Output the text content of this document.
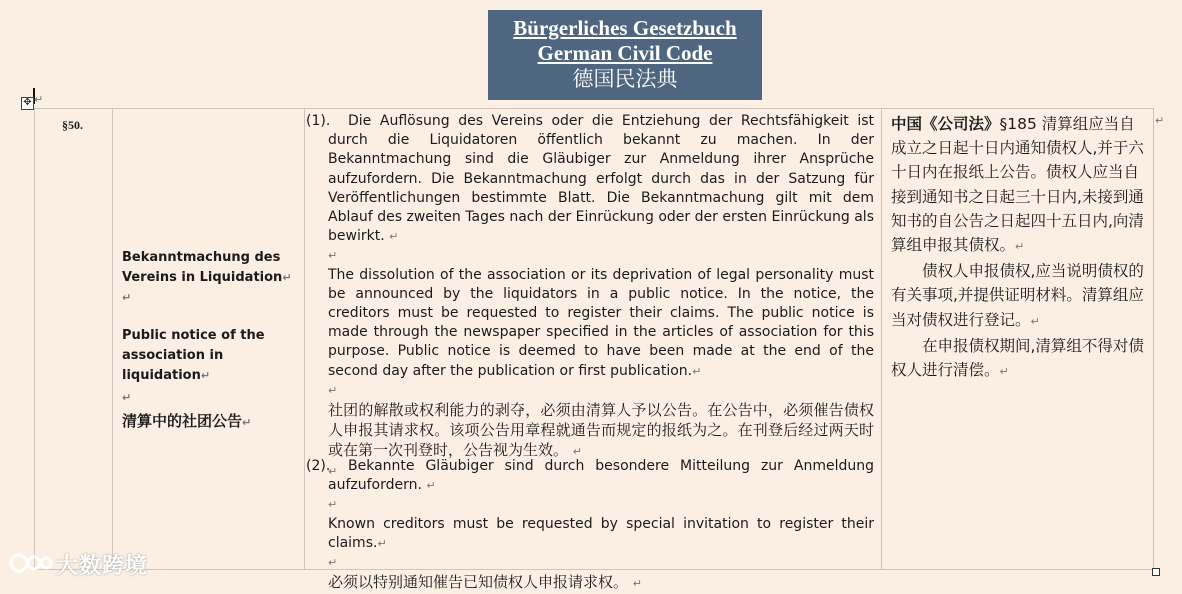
Bürgerliches Gesetzbuch
German Civil Code
德国民法典
✥ ↵
§50.
Bekanntmachung des Vereins in Liquidation↵
↵
Public notice of the association in liquidation↵
↵
清算中的社团公告↵
(1).	Die Auflösung des Vereins oder die Entziehung der Rechtsfähigkeit ist durch die Liquidatoren öffentlich bekannt zu machen. In der Bekanntmachung sind die Gläubiger zur Anmeldung ihrer Ansprüche aufzufordern. Die Bekanntmachung erfolgt durch das in der Satzung für Veröffentlichungen bestimmte Blatt. Die Bekanntmachung gilt mit dem Ablauf des zweiten Tages nach der Einrückung oder der ersten Einrückung als bewirkt. ↵

↵

The dissolution of the association or its deprivation of legal personality must be announced by the liquidators in a public notice. In the notice, the creditors must be requested to register their claims. The public notice is made through the newspaper specified in the articles of association for this purpose. Public notice is deemed to have been made at the end of the second day after the publication or first publication.↵

↵

社团的解散或权利能力的剥夺，必须由清算人予以公告。在公告中，必须催告债权人申报其请求权。该项公告用章程就通告而规定的报纸为之。在刊登后经过两天时或在第一次刊登时，公告视为生效。 ↵

↵

(2).	Bekannte Gläubiger sind durch besondere Mitteilung zur Anmeldung aufzufordern. ↵

↵

Known creditors must be requested by special invitation to register their claims.↵

↵

必须以特别通知催告已知债权人申报请求权。 ↵

中国《公司法》§185 清算组应当自成立之日起十日内通知债权人,并于六十日内在报纸上公告。债权人应当自接到通知书之日起三十日内,未接到通知书的自公告之日起四十五日内,向清算组申报其债权。↵

债权人申报债权,应当说明债权的有关事项,并提供证明材料。清算组应当对债权进行登记。↵

在申报债权期间,清算组不得对债权人进行清偿。↵

↵
大数跨境
